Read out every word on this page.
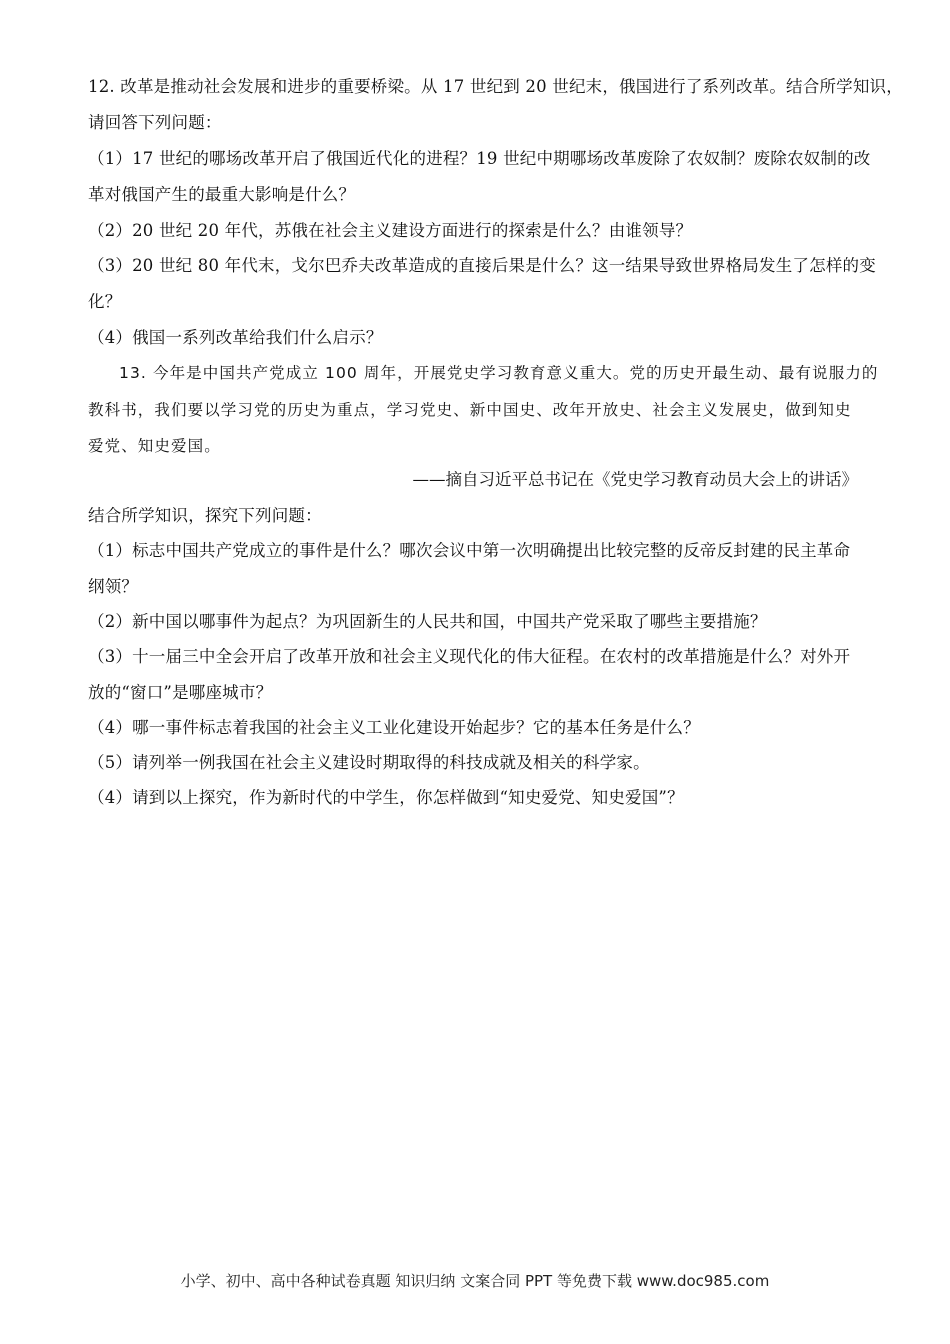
12. 改革是推动社会发展和进步的重要桥梁。从 17 世纪到 20 世纪末，俄国进行了系列改革。结合所学知识，
请回答下列问题：
（1）17 世纪的哪场改革开启了俄国近代化的进程？19 世纪中期哪场改革废除了农奴制？废除农奴制的改
革对俄国产生的最重大影响是什么？
（2）20 世纪 20 年代，苏俄在社会主义建设方面进行的探索是什么？由谁领导？
（3）20 世纪 80 年代末，戈尔巴乔夫改革造成的直接后果是什么？这一结果导致世界格局发生了怎样的变
化？
（4）俄国一系列改革给我们什么启示？
13. 今年是中国共产党成立 100 周年，开展党史学习教育意义重大。党的历史开最生动、最有说服力的
教科书，我们要以学习党的历史为重点，学习党史、新中国史、改年开放史、社会主义发展史，做到知史
爱党、知史爱国。
——摘自习近平总书记在《党史学习教育动员大会上的讲话》
结合所学知识，探究下列问题：
（1）标志中国共产党成立的事件是什么？哪次会议中第一次明确提出比较完整的反帝反封建的民主革命
纲领？
（2）新中国以哪事件为起点？为巩固新生的人民共和国，中国共产党采取了哪些主要措施？
（3）十一届三中全会开启了改革开放和社会主义现代化的伟大征程。在农村的改革措施是什么？对外开
放的“窗口”是哪座城市？
（4）哪一事件标志着我国的社会主义工业化建设开始起步？它的基本任务是什么？
（5）请列举一例我国在社会主义建设时期取得的科技成就及相关的科学家。
（4）请到以上探究，作为新时代的中学生，你怎样做到“知史爱党、知史爱国”？
小学、初中、高中各种试卷真题 知识归纳 文案合同 PPT 等免费下载 www.doc985.com
